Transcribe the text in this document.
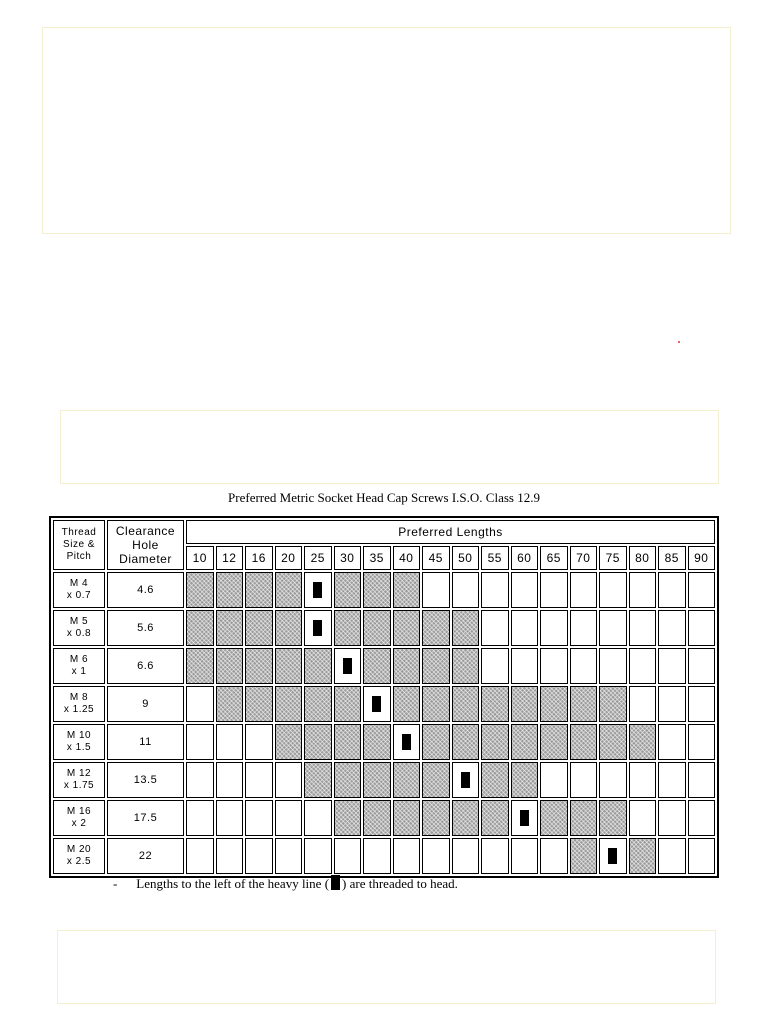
Preferred Metric Socket Head Cap Screws I.S.O. Class 12.9
Thread
Size &
Pitch	Clearance
Hole
Diameter	Preferred Lengths																	
		10	12	16	20	25	30	35	40	45	50	55	60	65	70	75	80	85	90
M 4
x 0.7	4.6					

M 5
x 0.8	5.6					

M 6
x 1	6.6						

M 8
x 1.25	9							

M 10
x 1.5	11								

M 12
x 1.75	13.5										

M 16
x 2	17.5												

M 20
x 2.5	22															

- Lengths to the left of the heavy line ( ) are threaded to head.
